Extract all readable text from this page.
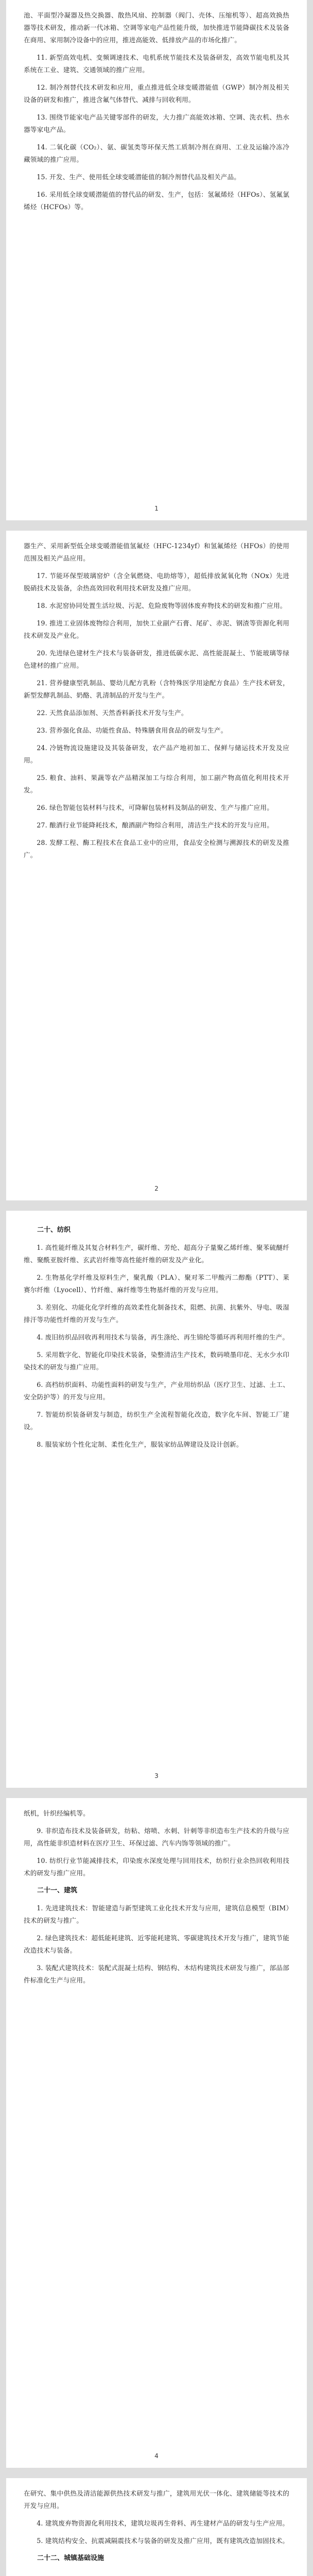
池、平面型冷凝器及热交换器、散热风扇、控制器（阀门、壳体、压缩机等）、超高效换热器等技术研发，推动新一代冰箱、空调等家电产品性能升级，加快推进节能降碳技术及装备在商用、家用制冷设备中的应用，推进高能效、低排放产品的市场化推广。

11. 新型高效电机、变频调速技术、电机系统节能技术及装备研发，高效节能电机及其系统在工业、建筑、交通领域的推广应用。

12. 制冷剂替代技术研发和应用，重点推进低全球变暖潜能值（GWP）制冷剂及相关设备的研发和推广，推进含氟气体替代、减排与回收利用。

13. 围绕节能家电产品关键零部件的研发，大力推广高能效冰箱、空调、洗衣机、热水器等家电产品。

14. 二氧化碳（CO₂）、氨、碳氢类等环保天然工质制冷剂在商用、工业及运输冷冻冷藏领域的推广应用。

15. 开发、生产、使用低全球变暖潜能值的制冷剂替代品及相关产品。

16. 采用低全球变暖潜能值的替代品的研发、生产，包括：氢氟烯烃（HFOs）、氢氟氯烯烃（HCFOs）等。

1

器生产、采用新型低全球变暖潜能值氢氟烃（HFC-1234yf）和氢氟烯烃（HFOs）的使用范围及相关产品应用。

17. 节能环保型玻璃窑炉（含全氧燃烧、电助熔等），超低排放氮氧化物（NOx）先进脱硝技术及装备，余热高效回收利用技术研发及推广应用。

18. 水泥窑协同处置生活垃圾、污泥、危险废物等固体废弃物技术的研发和推广应用。

19. 推进工业固体废物综合利用，加快工业副产石膏、尾矿、赤泥、钢渣等资源化利用技术研发及产业化。

20. 先进绿色建材生产技术与装备研发，推进低碳水泥、高性能混凝土、节能玻璃等绿色建材的推广应用。

21. 营养健康型乳制品、婴幼儿配方乳粉（含特殊医学用途配方食品）生产技术研发，新型发酵乳制品、奶酪、乳清制品的开发与生产。

22. 天然食品添加剂、天然香料新技术开发与生产。

23. 营养强化食品、功能性食品、特殊膳食用食品的研发与生产。

24. 冷链物流设施建设及其装备研发，农产品产地初加工、保鲜与储运技术开发及应用。

25. 粮食、油料、果蔬等农产品精深加工与综合利用，加工副产物高值化利用技术开发。

26. 绿色智能包装材料与技术，可降解包装材料及制品的研发、生产与推广应用。

27. 酿酒行业节能降耗技术，酿酒副产物综合利用，清洁生产技术的开发与应用。

28. 发酵工程、酶工程技术在食品工业中的应用，食品安全检测与溯源技术的研发及推广。

2
二十、纺织

1. 高性能纤维及其复合材料生产，碳纤维、芳纶、超高分子量聚乙烯纤维、聚苯硫醚纤维、聚酰亚胺纤维、玄武岩纤维等高性能纤维的研发及产业化。

2. 生物基化学纤维及原料生产，聚乳酸（PLA）、聚对苯二甲酸丙二醇酯（PTT）、莱赛尔纤维（Lyocell）、竹纤维、麻纤维等生物基纤维的开发与应用。

3. 差别化、功能化化学纤维的高效柔性化制备技术，阻燃、抗菌、抗紫外、导电、吸湿排汗等功能性纤维的开发与生产。

4. 废旧纺织品回收再利用技术与装备，再生涤纶、再生锦纶等循环再利用纤维的生产。

5. 采用数字化、智能化印染技术装备，染整清洁生产技术，数码喷墨印花、无水少水印染技术的研发与推广应用。

6. 高档纺织面料、功能性面料的研发与生产，产业用纺织品（医疗卫生、过滤、土工、安全防护等）的开发与应用。

7. 智能纺织装备研发与制造，纺织生产全流程智能化改造，数字化车间、智能工厂建设。

8. 服装家纺个性化定制、柔性化生产，服装家纺品牌建设及设计创新。

3

纸机，针织经编机等。

9. 非织造布技术及装备研发，纺粘、熔喷、水刺、针刺等非织造布生产技术的升级与应用，高性能非织造材料在医疗卫生、环保过滤、汽车内饰等领域的推广。

10. 纺织行业节能减排技术，印染废水深度处理与回用技术，纺织行业余热回收利用技术的研发与推广应用。

二十一、建筑

1. 先进建筑技术：智能建造与新型建筑工业化技术开发与应用，建筑信息模型（BIM）技术的研发与推广。

2. 绿色建筑技术：超低能耗建筑、近零能耗建筑、零碳建筑技术开发与推广，建筑节能改造技术与装备。

3. 装配式建筑技术：装配式混凝土结构、钢结构、木结构建筑技术研发与推广，部品部件标准化生产与应用。

4

在研究、集中供热及清洁能源供热技术研发与推广，建筑用光伏一体化、建筑储能等技术的开发与应用。

4. 建筑废弃物资源化利用技术，建筑垃圾再生骨料、再生建材产品的研发与生产应用。

5. 建筑结构安全、抗震减隔震技术与装备的研发及推广应用，既有建筑改造加固技术。

二十二、城镇基础设施
